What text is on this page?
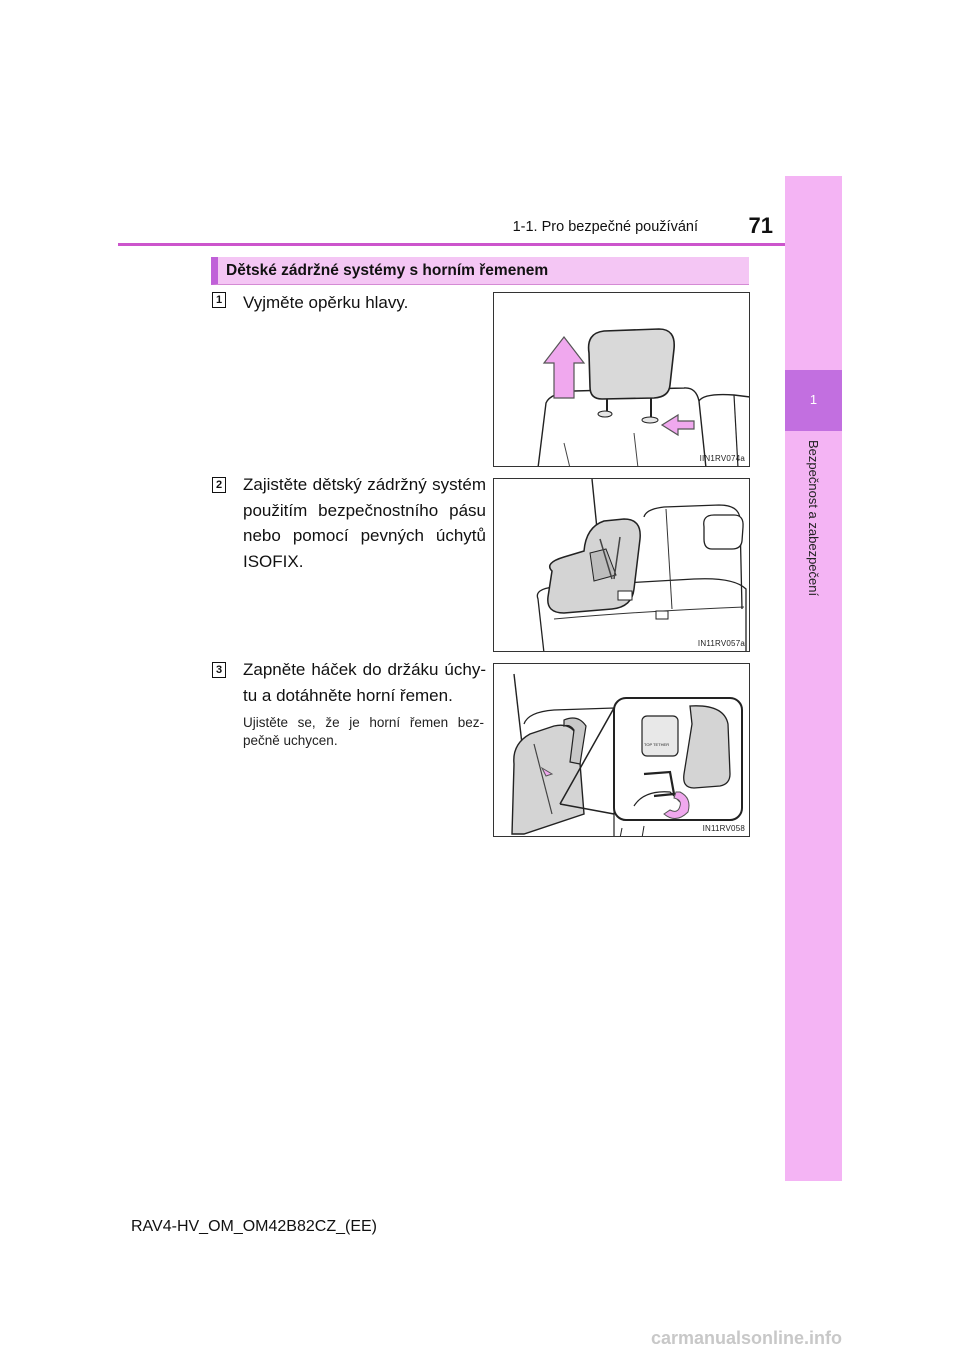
1-1. Pro bezpečné používání	71
1
Bezpečnost a zabezpečení
Dětské zádržné systémy s horním řemenem
1 Vyjměte opěrku hlavy.
IIN1RV074a
2 Zajistěte dětský zádržný systém použitím bezpečnostního pásu nebo pomocí pevných úchytů ISOFIX.
IN11RV057a
3 Zapněte háček do držáku úchy-tu a dotáhněte horní řemen.
Ujistěte se, že je horní řemen bez-pečně uchycen.	TOP TETHER
IN11RV058
RAV4-HV_OM_OM42B82CZ_(EE)
carmanualsonline.info
